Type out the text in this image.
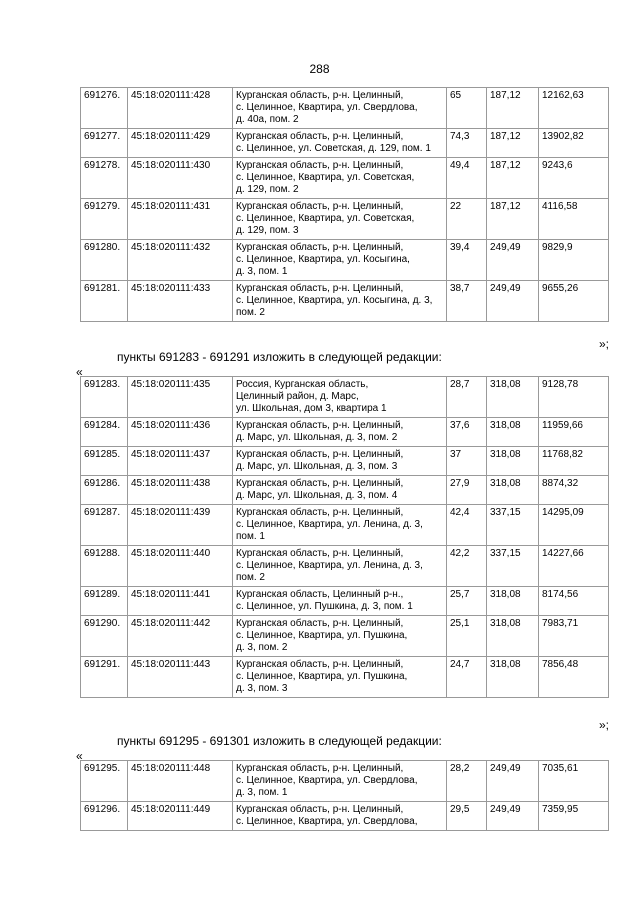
288
691276.	45:18:020111:428	Курганская область, р-н. Целинный,
с. Целинное, Квартира, ул. Свердлова,
д. 40а, пом. 2	65	187,12	12162,63
691277.	45:18:020111:429	Курганская область, р-н. Целинный,
с. Целинное, ул. Советская, д. 129, пом. 1	74,3	187,12	13902,82
691278.	45:18:020111:430	Курганская область, р-н. Целинный,
с. Целинное, Квартира, ул. Советская,
д. 129, пом. 2	49,4	187,12	9243,6
691279.	45:18:020111:431	Курганская область, р-н. Целинный,
с. Целинное, Квартира, ул. Советская,
д. 129, пом. 3	22	187,12	4116,58
691280.	45:18:020111:432	Курганская область, р-н. Целинный,
с. Целинное, Квартира, ул. Косыгина,
д. 3, пом. 1	39,4	249,49	9829,9
691281.	45:18:020111:433	Курганская область, р-н. Целинный,
с. Целинное, Квартира, ул. Косыгина, д. 3,
пом. 2	38,7	249,49	9655,26
»;
пункты 691283 - 691291 изложить в следующей редакции:
«
691283.	45:18:020111:435	Россия, Курганская область,
Целинный район, д. Марс,
ул. Школьная, дом 3, квартира 1	28,7	318,08	9128,78
691284.	45:18:020111:436	Курганская область, р-н. Целинный,
д. Марс, ул. Школьная, д. 3, пом. 2	37,6	318,08	11959,66
691285.	45:18:020111:437	Курганская область, р-н. Целинный,
д. Марс, ул. Школьная, д. 3, пом. 3	37	318,08	11768,82
691286.	45:18:020111:438	Курганская область, р-н. Целинный,
д. Марс, ул. Школьная, д. 3, пом. 4	27,9	318,08	8874,32
691287.	45:18:020111:439	Курганская область, р-н. Целинный,
с. Целинное, Квартира, ул. Ленина, д. 3,
пом. 1	42,4	337,15	14295,09
691288.	45:18:020111:440	Курганская область, р-н. Целинный,
с. Целинное, Квартира, ул. Ленина, д. 3,
пом. 2	42,2	337,15	14227,66
691289.	45:18:020111:441	Курганская область, Целинный р-н.,
с. Целинное, ул. Пушкина, д. 3, пом. 1	25,7	318,08	8174,56
691290.	45:18:020111:442	Курганская область, р-н. Целинный,
с. Целинное, Квартира, ул. Пушкина,
д. 3, пом. 2	25,1	318,08	7983,71
691291.	45:18:020111:443	Курганская область, р-н. Целинный,
с. Целинное, Квартира, ул. Пушкина,
д. 3, пом. 3	24,7	318,08	7856,48
»;
пункты 691295 - 691301 изложить в следующей редакции:
«
691295.	45:18:020111:448	Курганская область, р-н. Целинный,
с. Целинное, Квартира, ул. Свердлова,
д. 3, пом. 1	28,2	249,49	7035,61
691296.	45:18:020111:449	Курганская область, р-н. Целинный,
с. Целинное, Квартира, ул. Свердлова,	29,5	249,49	7359,95
